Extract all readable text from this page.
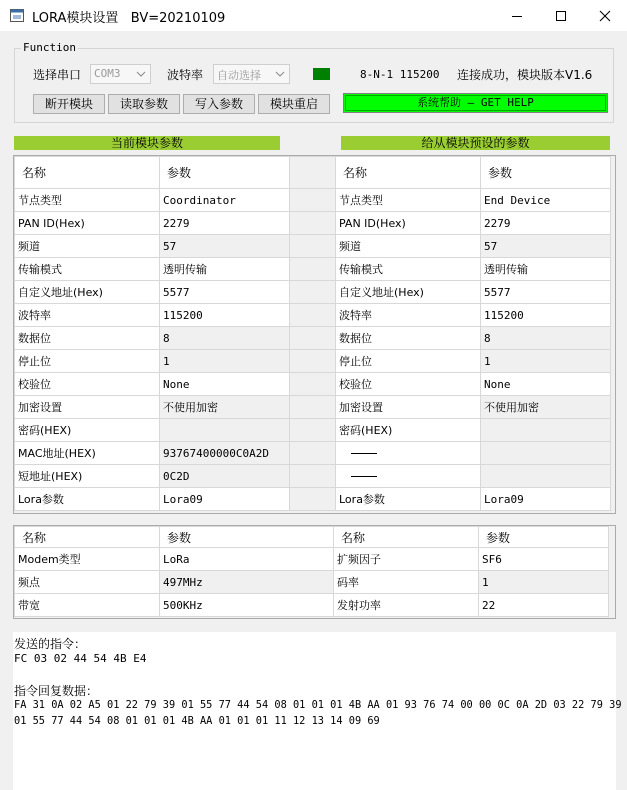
LORA模块设置   BV=20210109
Function
选择串口	COM3	波特率	自动选择	8-N-1 115200 连接成功，模块版本V1.6
断开模块	读取参数	写入参数	模块重启	系统帮助 — GET HELP
当前模块参数	给从模块预设的参数
名称	参数		名称	参数
节点类型	Coordinator		节点类型	End Device
PAN ID(Hex)	2279		PAN ID(Hex)	2279
频道	57		频道	57
传输模式	透明传输		传输模式	透明传输
自定义地址(Hex)	5577		自定义地址(Hex)	5577
波特率	115200		波特率	115200
数据位	8		数据位	8
停止位	1		停止位	1
校验位	None		校验位	None
加密设置	不使用加密		加密设置	不使用加密
密码(HEX)			密码(HEX)	
MAC地址(HEX)	93767400000C0A2D			
短地址(HEX)	0C2D			
Lora参数	Lora09		Lora参数	Lora09
名称	参数	名称	参数
Modem类型	LoRa	扩频因子	SF6
频点	497MHz	码率	1
带宽	500KHz	发射功率	22
发送的指令：
FC 03 02 44 54 4B E4
指令回复数据：
FA 31 0A 02 A5 01 22 79 39 01 55 77 44 54 08 01 01 01 4B AA 01 93 76 74 00 00 0C 0A 2D 03 22 79 39
01 55 77 44 54 08 01 01 01 4B AA 01 01 01 11 12 13 14 09 69
